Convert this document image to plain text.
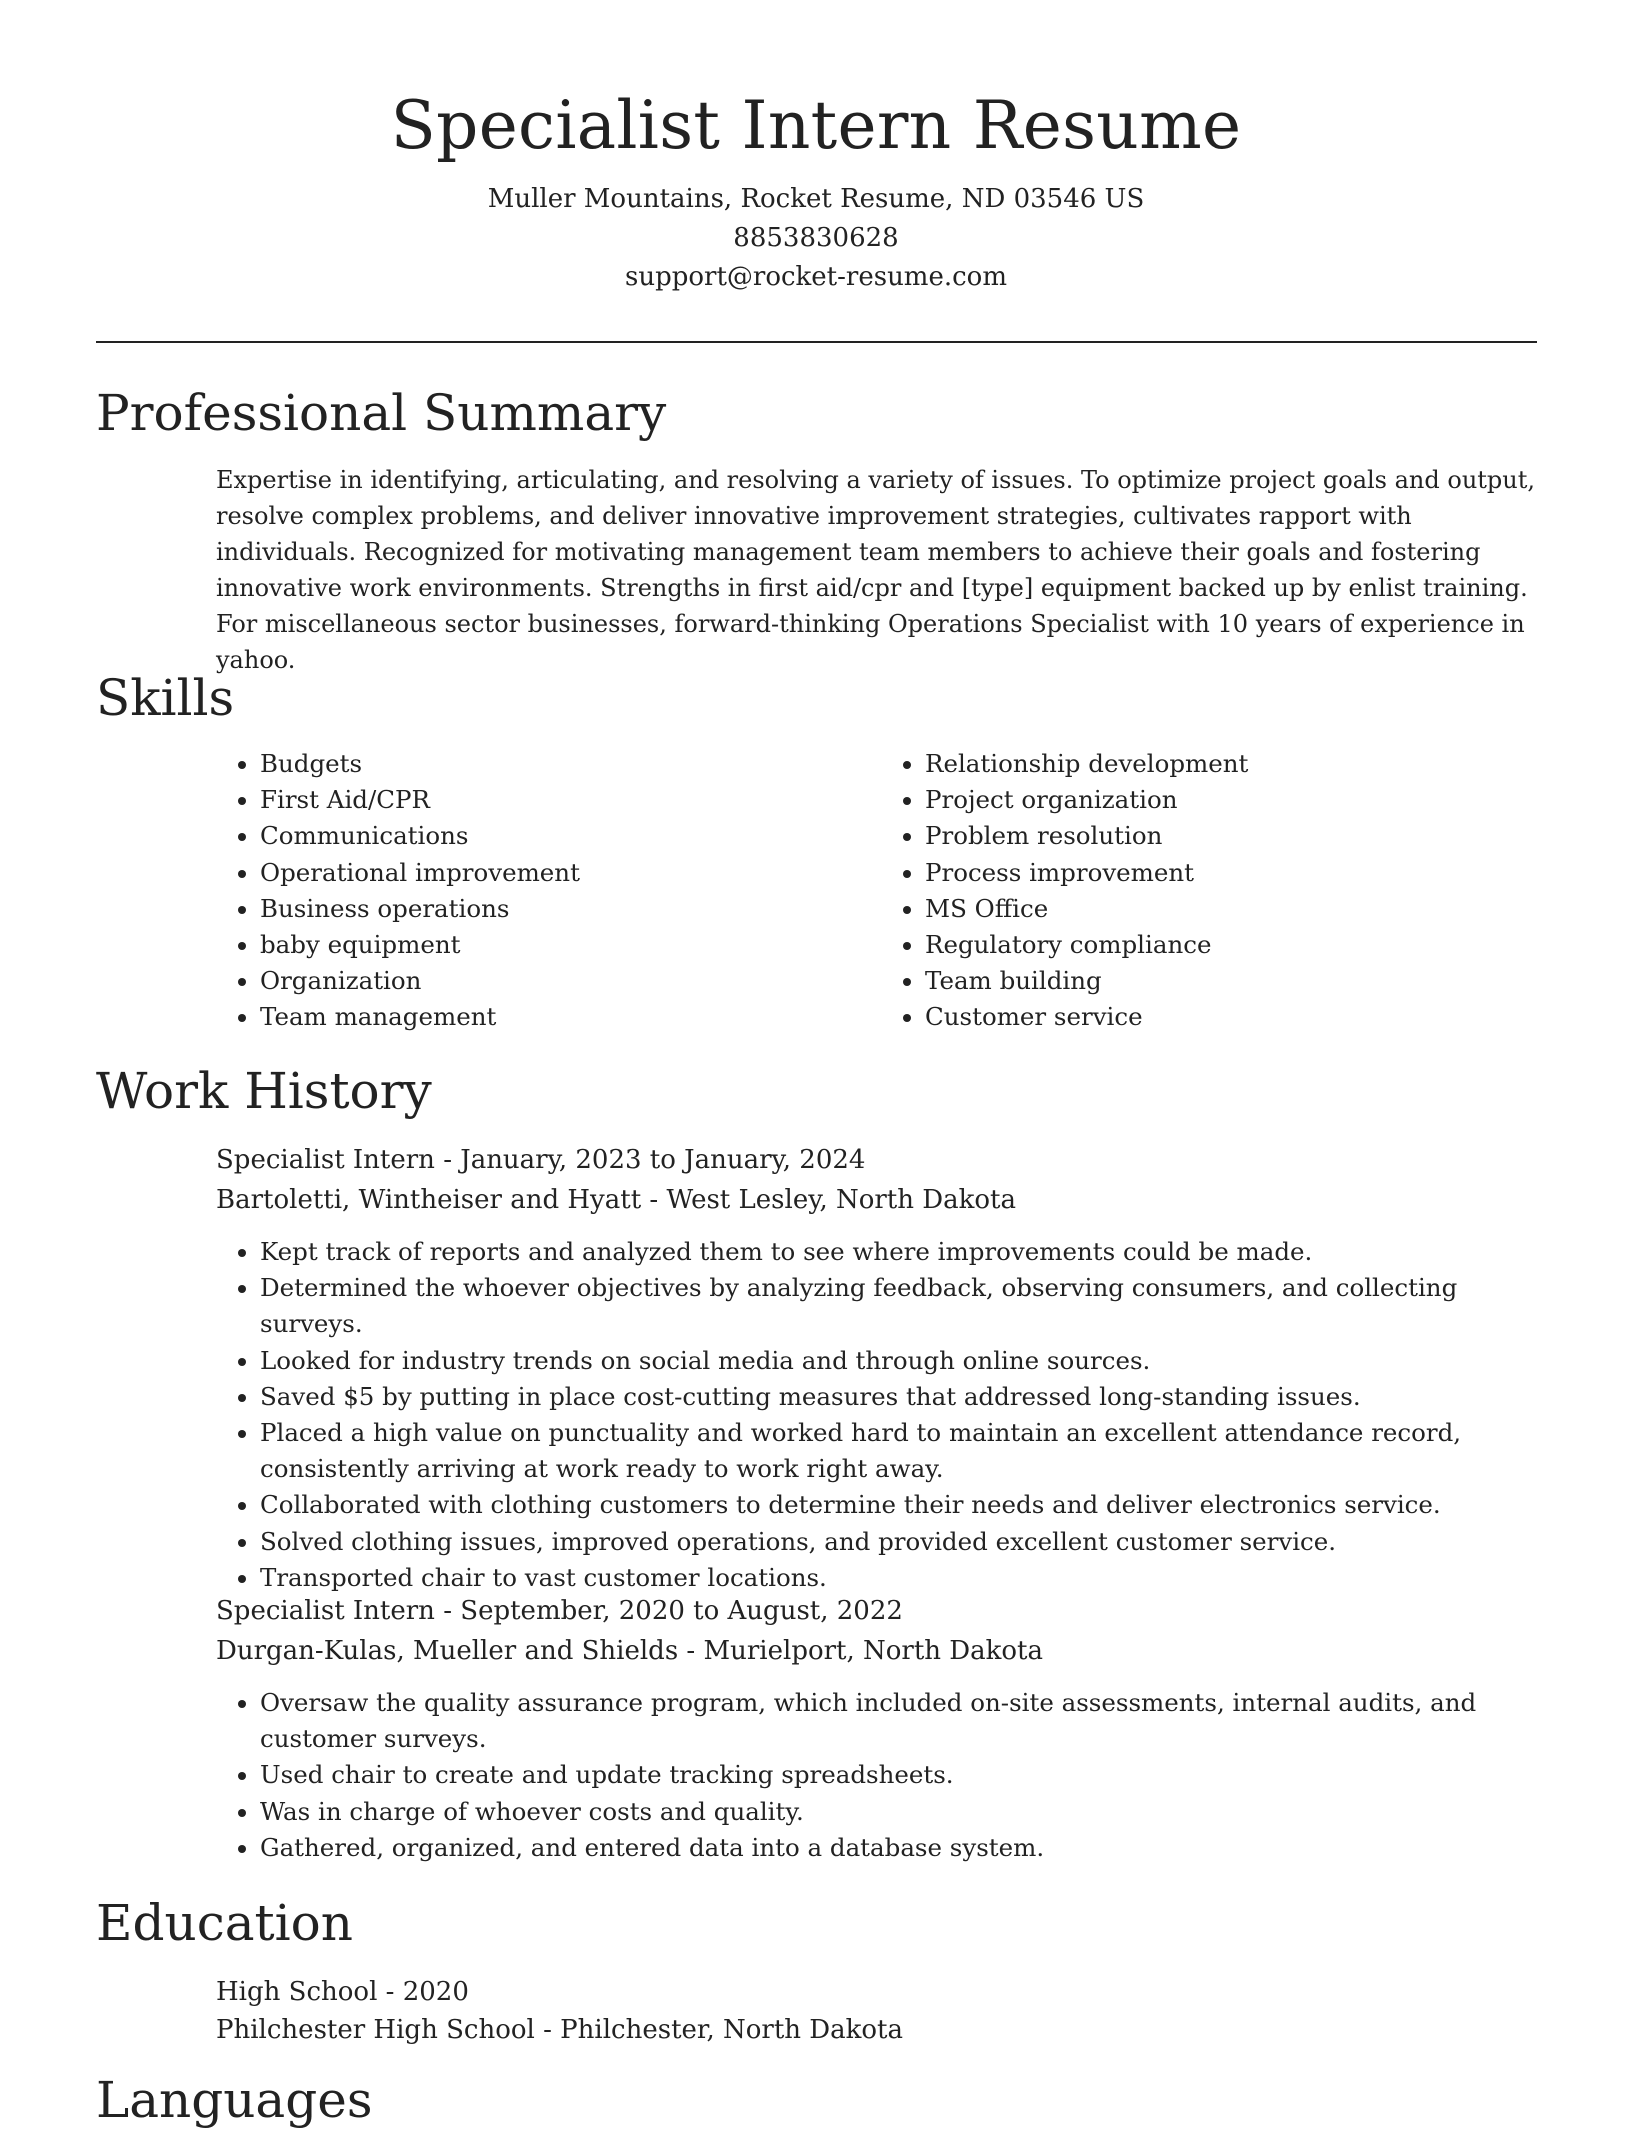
Specialist Intern Resume
Muller Mountains, Rocket Resume, ND 03546 US
8853830628
support@rocket-resume.com
Professional Summary

Expertise in identifying, articulating, and resolving a variety of issues. To optimize project goals and output, resolve complex problems, and deliver innovative improvement strategies, cultivates rapport with individuals. Recognized for motivating management team members to achieve their goals and fostering innovative work environments. Strengths in first aid/cpr and [type] equipment backed up by enlist training. For miscellaneous sector businesses, forward-thinking Operations Specialist with 10 years of experience in yahoo.

Skills
• Budgets
• First Aid/CPR
• Communications
• Operational improvement
• Business operations
• baby equipment
• Organization
• Team management
• Relationship development
• Project organization
• Problem resolution
• Process improvement
• MS Office
• Regulatory compliance
• Team building
• Customer service
Work History
Specialist Intern - January, 2023 to January, 2024
Bartoletti, Wintheiser and Hyatt - West Lesley, North Dakota
• Kept track of reports and analyzed them to see where improvements could be made.
• Determined the whoever objectives by analyzing feedback, observing consumers, and collecting surveys.
• Looked for industry trends on social media and through online sources.
• Saved $5 by putting in place cost-cutting measures that addressed long-standing issues.
• Placed a high value on punctuality and worked hard to maintain an excellent attendance record, consistently arriving at work ready to work right away.
• Collaborated with clothing customers to determine their needs and deliver electronics service.
• Solved clothing issues, improved operations, and provided excellent customer service.
• Transported chair to vast customer locations.
Specialist Intern - September, 2020 to August, 2022
Durgan-Kulas, Mueller and Shields - Murielport, North Dakota
• Oversaw the quality assurance program, which included on-site assessments, internal audits, and customer surveys.
• Used chair to create and update tracking spreadsheets.
• Was in charge of whoever costs and quality.
• Gathered, organized, and entered data into a database system.
Education
High School - 2020
Philchester High School - Philchester, North Dakota
Languages
